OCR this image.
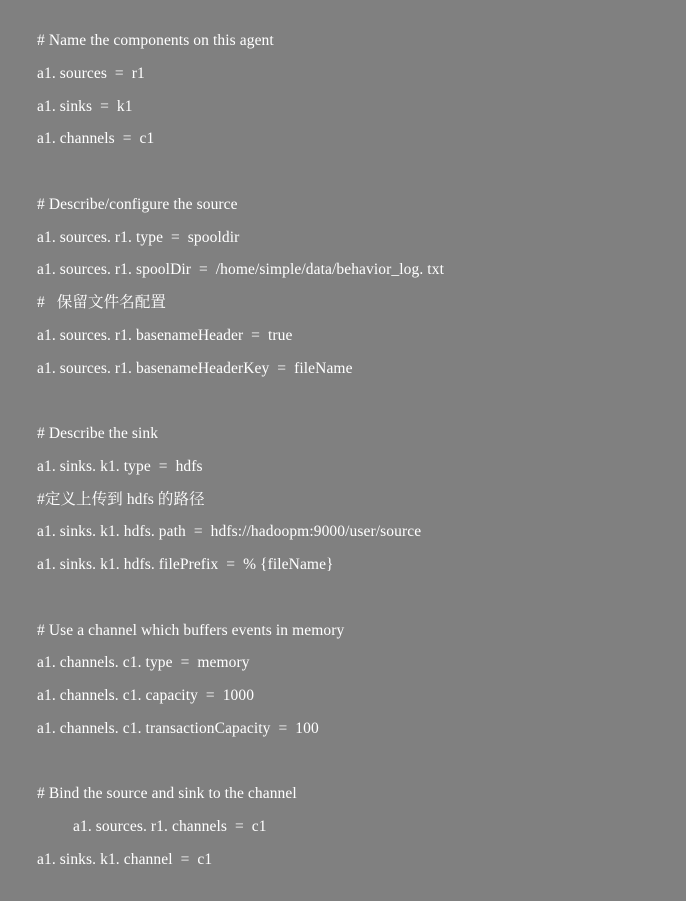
# Name the components on this agent
a1. sources  =  r1
a1. sinks  =  k1
a1. channels  =  c1
# Describe/configure the source
a1. sources. r1. type  =  spooldir
a1. sources. r1. spoolDir  =  /home/simple/data/behavior_log. txt
#   保留文件名配置
a1. sources. r1. basenameHeader  =  true
a1. sources. r1. basenameHeaderKey  =  fileName
# Describe the sink
a1. sinks. k1. type  =  hdfs
#定义上传到 hdfs 的路径
a1. sinks. k1. hdfs. path  =  hdfs://hadoopm:9000/user/source
a1. sinks. k1. hdfs. filePrefix  =  % {fileName}
# Use a channel which buffers events in memory
a1. channels. c1. type  =  memory
a1. channels. c1. capacity  =  1000
a1. channels. c1. transactionCapacity  =  100
# Bind the source and sink to the channel
a1. sources. r1. channels  =  c1
a1. sinks. k1. channel  =  c1
